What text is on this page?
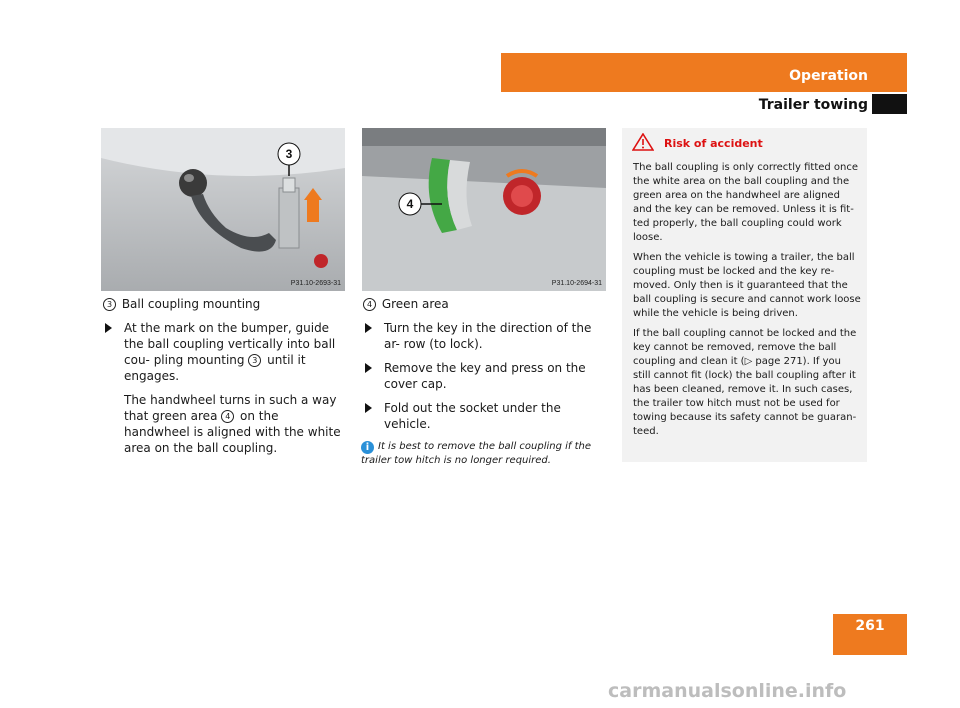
Operation
Trailer towing
3
P31.10-2693-31
4
P31.10-2694-31

3 Ball coupling mounting

At the mark on the bumper, guide the ball coupling vertically into ball cou- pling mounting 3 until it engages.

The handwheel turns in such a way that green area 4 on the handwheel is aligned with the white area on the ball coupling.

4 Green area

Turn the key in the direction of the ar- row (to lock).
Remove the key and press on the cover cap.
Fold out the socket under the vehicle.
i It is best to remove the ball coupling if the trailer tow hitch is no longer required.
Risk of accident

The ball coupling is only correctly fitted once the white area on the ball coupling and the green area on the handwheel are aligned and the key can be removed. Unless it is fit- ted properly, the ball coupling could work loose.

When the vehicle is towing a trailer, the ball coupling must be locked and the key re- moved. Only then is it guaranteed that the ball coupling is secure and cannot work loose while the vehicle is being driven.

If the ball coupling cannot be locked and the key cannot be removed, remove the ball coupling and clean it (▷ page 271). If you still cannot fit (lock) the ball coupling after it has been cleaned, remove it. In such cases, the trailer tow hitch must not be used for towing because its safety cannot be guaran- teed.

261
carmanualsonline.info
